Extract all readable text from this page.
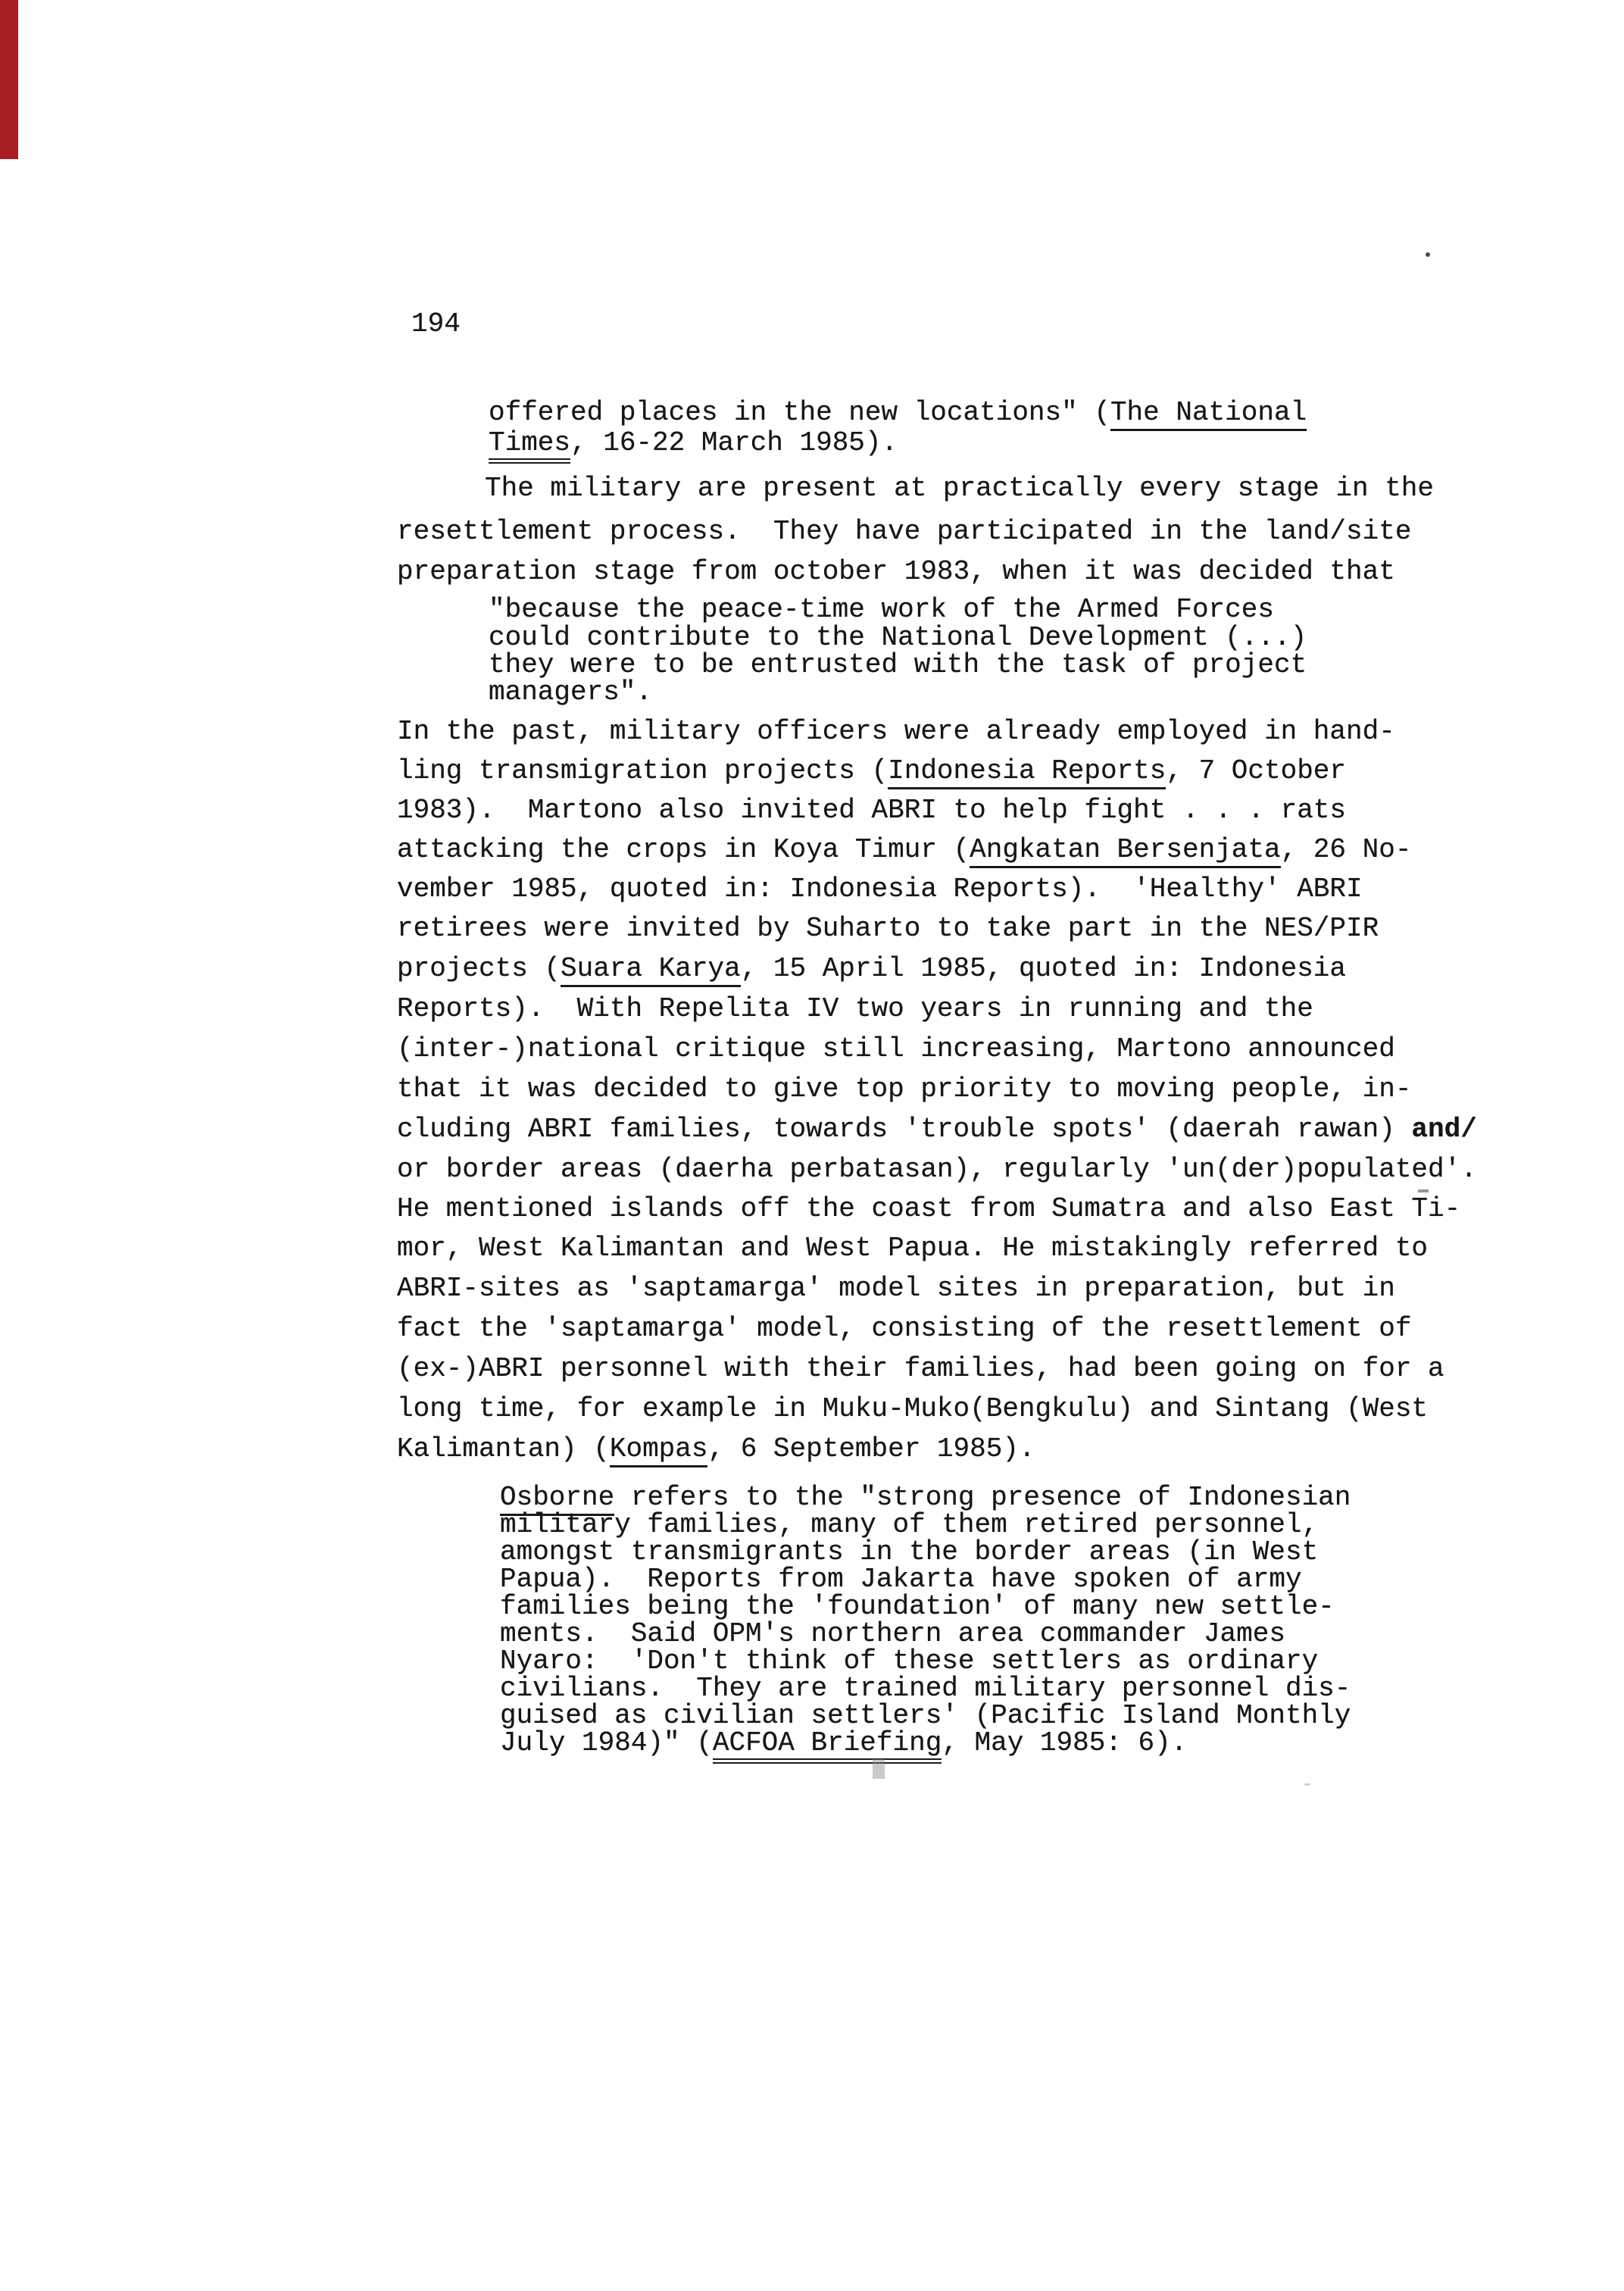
194
offered places in the new locations" (The National
Times, 16-22 March 1985).
The military are present at practically every stage in the
resettlement process.  They have participated in the land/site
preparation stage from october 1983, when it was decided that
"because the peace-time work of the Armed Forces
could contribute to the National Development (...)
they were to be entrusted with the task of project
managers".
In the past, military officers were already employed in hand-
ling transmigration projects (Indonesia Reports, 7 October
1983).  Martono also invited ABRI to help fight . . . rats
attacking the crops in Koya Timur (Angkatan Bersenjata, 26 No-
vember 1985, quoted in: Indonesia Reports).  'Healthy' ABRI
retirees were invited by Suharto to take part in the NES/PIR
projects (Suara Karya, 15 April 1985, quoted in: Indonesia
Reports).  With Repelita IV two years in running and the
(inter-)national critique still increasing, Martono announced
that it was decided to give top priority to moving people, in-
cluding ABRI families, towards 'trouble spots' (daerah rawan) and/
or border areas (daerha perbatasan), regularly 'un(der)populated'.
He mentioned islands off the coast from Sumatra and also East Ti-
mor, West Kalimantan and West Papua. He mistakingly referred to
ABRI-sites as 'saptamarga' model sites in preparation, but in
fact the 'saptamarga' model, consisting of the resettlement of
(ex-)ABRI personnel with their families, had been going on for a
long time, for example in Muku-Muko(Bengkulu) and Sintang (West
Kalimantan) (Kompas, 6 September 1985).
Osborne refers to the "strong presence of Indonesian
military families, many of them retired personnel,
amongst transmigrants in the border areas (in West
Papua).  Reports from Jakarta have spoken of army
families being the 'foundation' of many new settle-
ments.  Said OPM's northern area commander James
Nyaro:  'Don't think of these settlers as ordinary
civilians.  They are trained military personnel dis-
guised as civilian settlers' (Pacific Island Monthly
July 1984)" (ACFOA Briefing, May 1985: 6).
